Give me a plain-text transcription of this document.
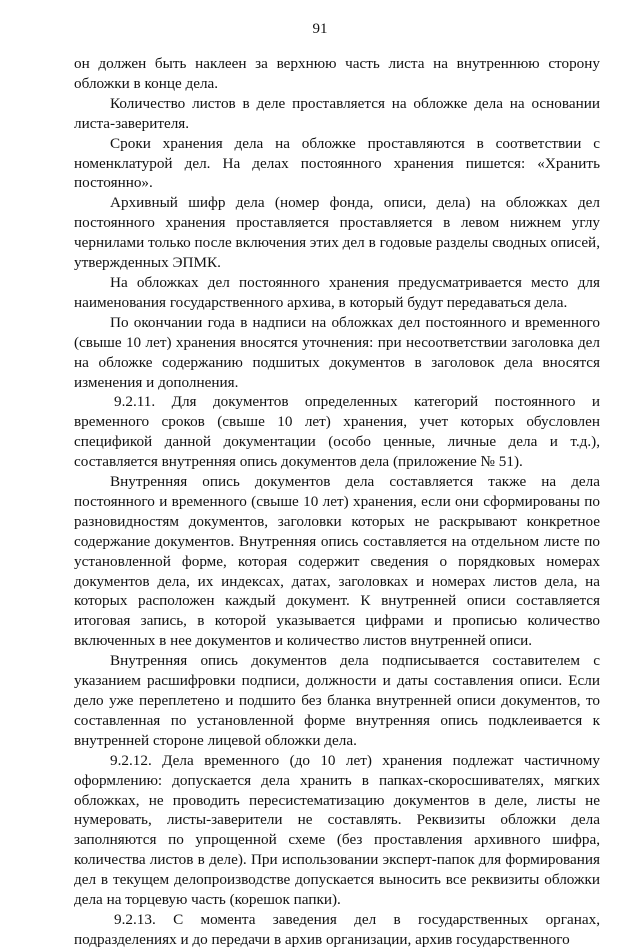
91

он должен быть наклеен за верхнюю часть листа на внутреннюю сторону обложки в конце дела.

Количество листов в деле проставляется на обложке дела на основании листа-заверителя.

Сроки хранения дела на обложке проставляются в соответствии с номенклатурой дел. На делах постоянного хранения пишется: «Хранить постоянно».

Архивный шифр дела (номер фонда, описи, дела) на обложках дел постоянного хранения проставляется проставляется в левом нижнем углу чернилами только после включения этих дел в годовые разделы сводных описей, утвержденных ЭПМК.

На обложках дел постоянного хранения предусматривается место для наименования государственного архива, в который будут передаваться дела.

По окончании года в надписи на обложках дел постоянного и временного (свыше 10 лет) хранения вносятся уточнения: при несоответствии заголовка дел на обложке содержанию подшитых документов в заголовок дела вносятся изменения и дополнения.

9.2.11. Для документов определенных категорий постоянного и временного сроков (свыше 10 лет) хранения, учет которых обусловлен спецификой данной документации (особо ценные, личные дела и т.д.), составляется внутренняя опись документов дела (приложение № 51).

Внутренняя опись документов дела составляется также на дела постоянного и временного (свыше 10 лет) хранения, если они сформированы по разновидностям документов, заголовки которых не раскрывают конкретное содержание документов. Внутренняя опись составляется на отдельном листе по установленной форме, которая содержит сведения о порядковых номерах документов дела, их индексах, датах, заголовках и номерах листов дела, на которых расположен каждый документ. К внутренней описи составляется итоговая запись, в которой указывается цифрами и прописью количество включенных в нее документов и количество листов внутренней описи.

Внутренняя опись документов дела подписывается составителем с указанием расшифровки подписи, должности и даты составления описи. Если дело уже переплетено и подшито без бланка внутренней описи документов, то составленная по установленной форме внутренняя опись подклеивается к внутренней стороне лицевой обложки дела.

9.2.12. Дела временного (до 10 лет) хранения подлежат частичному оформлению: допускается дела хранить в папках-скоросшивателях, мягких обложках, не проводить пересистематизацию документов в деле, листы не нумеровать, листы-заверители не составлять. Реквизиты обложки дела заполняются по упрощенной схеме (без проставления архивного шифра, количества листов в деле). При использовании эксперт-папок для формирования дел в текущем делопроизводстве допускается выносить все реквизиты обложки дела на торцевую часть (корешок папки).

9.2.13. С момента заведения дел в государственных органах, подразделениях и до передачи в архив организации, архив государственного
